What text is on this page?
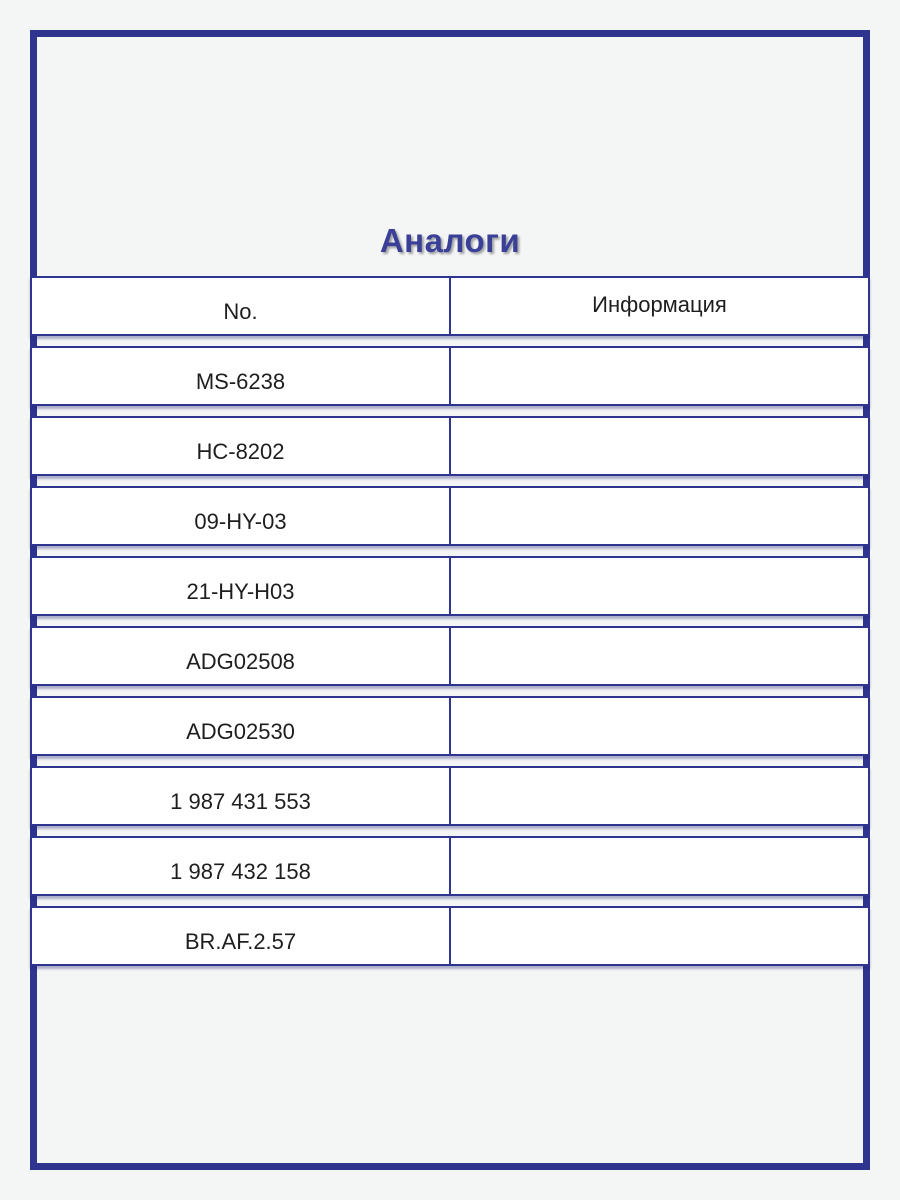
Аналоги
No.	Информация
MS-6238
HC-8202
09-HY-03
21-HY-H03
ADG02508
ADG02530
1 987 431 553
1 987 432 158
BR.AF.2.57
